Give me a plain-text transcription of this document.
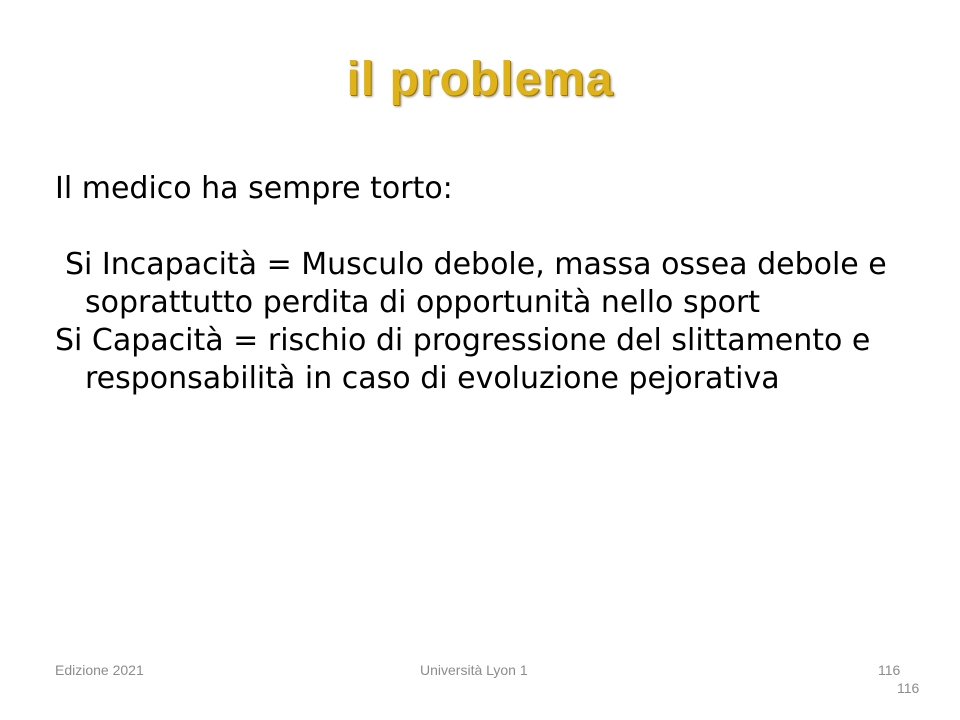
il problema

Il medico ha sempre torto:

Si Incapacità = Musculo debole, massa ossea debole e soprattutto perdita di opportunità nello sport

Si Capacità = rischio di progressione del slittamento e responsabilità in caso di evoluzione pejorativa

Edizione 2021	Università Lyon 1	116
116
